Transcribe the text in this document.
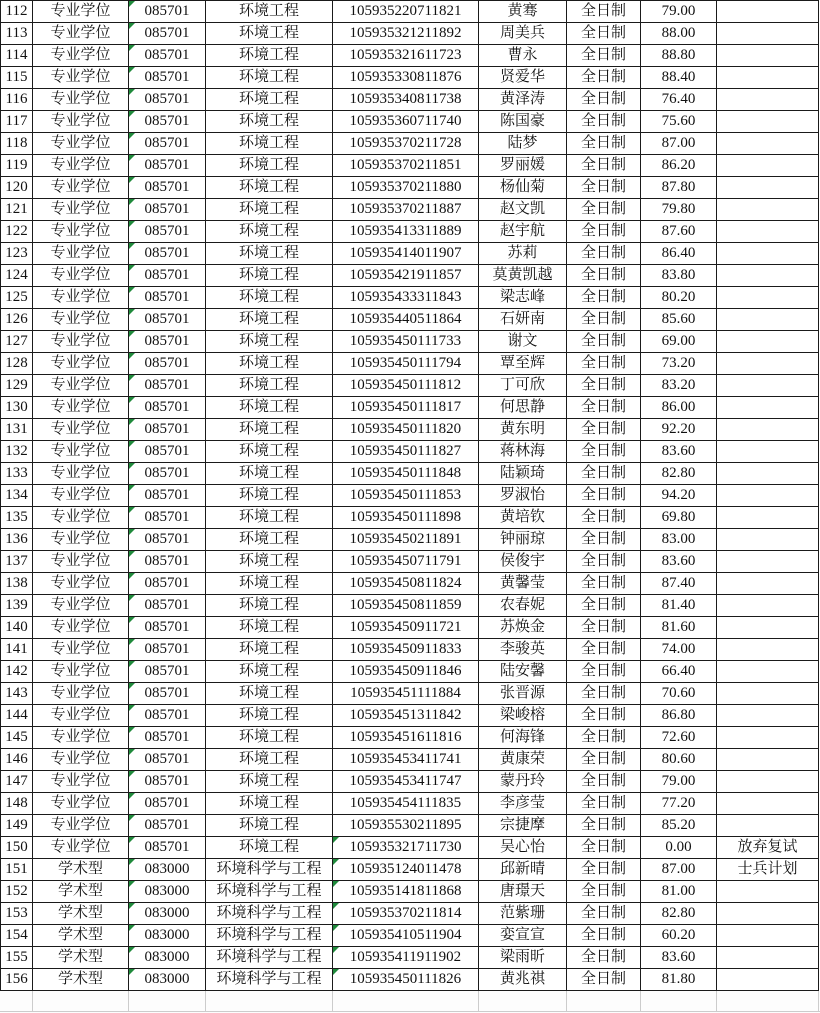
112	专业学位	085701	环境工程	105935220711821	黄骞	全日制	79.00	
113	专业学位	085701	环境工程	105935321211892	周美兵	全日制	88.00	
114	专业学位	085701	环境工程	105935321611723	曹永	全日制	88.80	
115	专业学位	085701	环境工程	105935330811876	贤爱华	全日制	88.40	
116	专业学位	085701	环境工程	105935340811738	黄泽涛	全日制	76.40	
117	专业学位	085701	环境工程	105935360711740	陈国豪	全日制	75.60	
118	专业学位	085701	环境工程	105935370211728	陆梦	全日制	87.00	
119	专业学位	085701	环境工程	105935370211851	罗丽媛	全日制	86.20	
120	专业学位	085701	环境工程	105935370211880	杨仙菊	全日制	87.80	
121	专业学位	085701	环境工程	105935370211887	赵文凯	全日制	79.80	
122	专业学位	085701	环境工程	105935413311889	赵宇航	全日制	87.60	
123	专业学位	085701	环境工程	105935414011907	苏莉	全日制	86.40	
124	专业学位	085701	环境工程	105935421911857	莫黄凯越	全日制	83.80	
125	专业学位	085701	环境工程	105935433311843	梁志峰	全日制	80.20	
126	专业学位	085701	环境工程	105935440511864	石妍南	全日制	85.60	
127	专业学位	085701	环境工程	105935450111733	谢文	全日制	69.00	
128	专业学位	085701	环境工程	105935450111794	覃至辉	全日制	73.20	
129	专业学位	085701	环境工程	105935450111812	丁可欣	全日制	83.20	
130	专业学位	085701	环境工程	105935450111817	何思静	全日制	86.00	
131	专业学位	085701	环境工程	105935450111820	黄东明	全日制	92.20	
132	专业学位	085701	环境工程	105935450111827	蒋林海	全日制	83.60	
133	专业学位	085701	环境工程	105935450111848	陆颖琦	全日制	82.80	
134	专业学位	085701	环境工程	105935450111853	罗淑怡	全日制	94.20	
135	专业学位	085701	环境工程	105935450111898	黄培钦	全日制	69.80	
136	专业学位	085701	环境工程	105935450211891	钟丽琼	全日制	83.00	
137	专业学位	085701	环境工程	105935450711791	侯俊宇	全日制	83.60	
138	专业学位	085701	环境工程	105935450811824	黄馨莹	全日制	87.40	
139	专业学位	085701	环境工程	105935450811859	农春妮	全日制	81.40	
140	专业学位	085701	环境工程	105935450911721	苏焕金	全日制	81.60	
141	专业学位	085701	环境工程	105935450911833	李骏英	全日制	74.00	
142	专业学位	085701	环境工程	105935450911846	陆安馨	全日制	66.40	
143	专业学位	085701	环境工程	105935451111884	张晋源	全日制	70.60	
144	专业学位	085701	环境工程	105935451311842	梁峻榕	全日制	86.80	
145	专业学位	085701	环境工程	105935451611816	何海锋	全日制	72.60	
146	专业学位	085701	环境工程	105935453411741	黄康荣	全日制	80.60	
147	专业学位	085701	环境工程	105935453411747	蒙丹玲	全日制	79.00	
148	专业学位	085701	环境工程	105935454111835	李彦莹	全日制	77.20	
149	专业学位	085701	环境工程	105935530211895	宗捷摩	全日制	85.20	
150	专业学位	085701	环境工程	105935321711730	吴心怡	全日制	0.00	放弃复试
151	学术型	083000	环境科学与工程	105935124011478	邱新晴	全日制	87.00	士兵计划
152	学术型	083000	环境科学与工程	105935141811868	唐璟天	全日制	81.00	
153	学术型	083000	环境科学与工程	105935370211814	范紫珊	全日制	82.80	
154	学术型	083000	环境科学与工程	105935410511904	娈宣宣	全日制	60.20	
155	学术型	083000	环境科学与工程	105935411911902	梁雨昕	全日制	83.60	
156	学术型	083000	环境科学与工程	105935450111826	黄兆祺	全日制	81.80	
